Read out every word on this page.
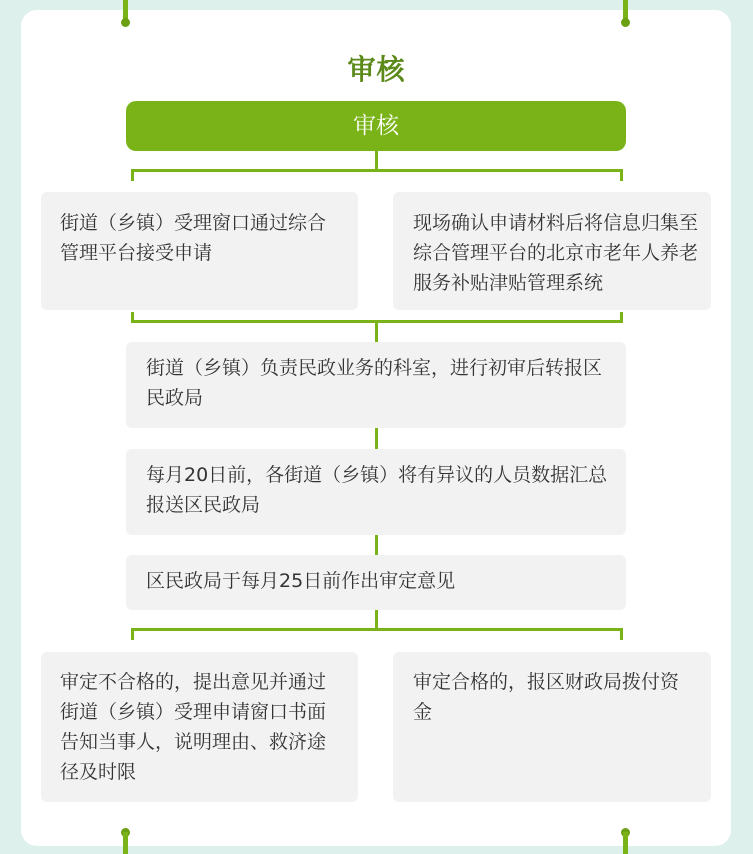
审核
审核
街道（乡镇）受理窗口通过综合管理平台接受申请
现场确认申请材料后将信息归集至综合管理平台的北京市老年人养老服务补贴津贴管理系统
街道（乡镇）负责民政业务的科室，进行初审后转报区民政局
每月20日前，各街道（乡镇）将有异议的人员数据汇总报送区民政局
区民政局于每月25日前作出审定意见
审定不合格的，提出意见并通过街道（乡镇）受理申请窗口书面告知当事人，说明理由、救济途径及时限
审定合格的，报区财政局拨付资金
